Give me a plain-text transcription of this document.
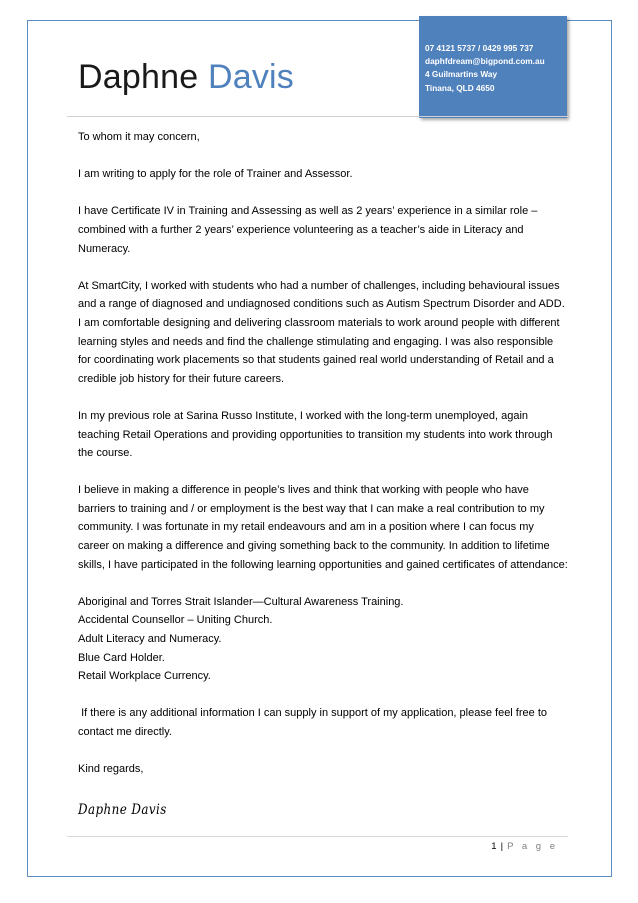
Daphne Davis
07 4121 5737 / 0429 995 737
daphfdream@bigpond.com.au
4 Guilmartins Way
Tinana, QLD 4650

To whom it may concern,

I am writing to apply for the role of Trainer and Assessor.

I have Certificate IV in Training and Assessing as well as 2 years’ experience in a similar role – combined with a further 2 years’ experience volunteering as a teacher’s aide in Literacy and Numeracy.

At SmartCity, I worked with students who had a number of challenges, including behavioural issues and a range of diagnosed and undiagnosed conditions such as Autism Spectrum Disorder and ADD. I am comfortable designing and delivering classroom materials to work around people with different learning styles and needs and find the challenge stimulating and engaging. I was also responsible for coordinating work placements so that students gained real world understanding of Retail and a credible job history for their future careers.

In my previous role at Sarina Russo Institute, I worked with the long-term unemployed, again teaching Retail Operations and providing opportunities to transition my students into work through the course.

I believe in making a difference in people’s lives and think that working with people who have barriers to training and / or employment is the best way that I can make a real contribution to my community. I was fortunate in my retail endeavours and am in a position where I can focus my career on making a difference and giving something back to the community. In addition to lifetime skills, I have participated in the following learning opportunities and gained certificates of attendance:

Aboriginal and Torres Strait Islander—Cultural Awareness Training.
Accidental Counsellor – Uniting Church.
Adult Literacy and Numeracy.
Blue Card Holder.
Retail Workplace Currency.

If there is any additional information I can supply in support of my application, please feel free to contact me directly.

Kind regards,

Daphne Davis
1 | P a g e
